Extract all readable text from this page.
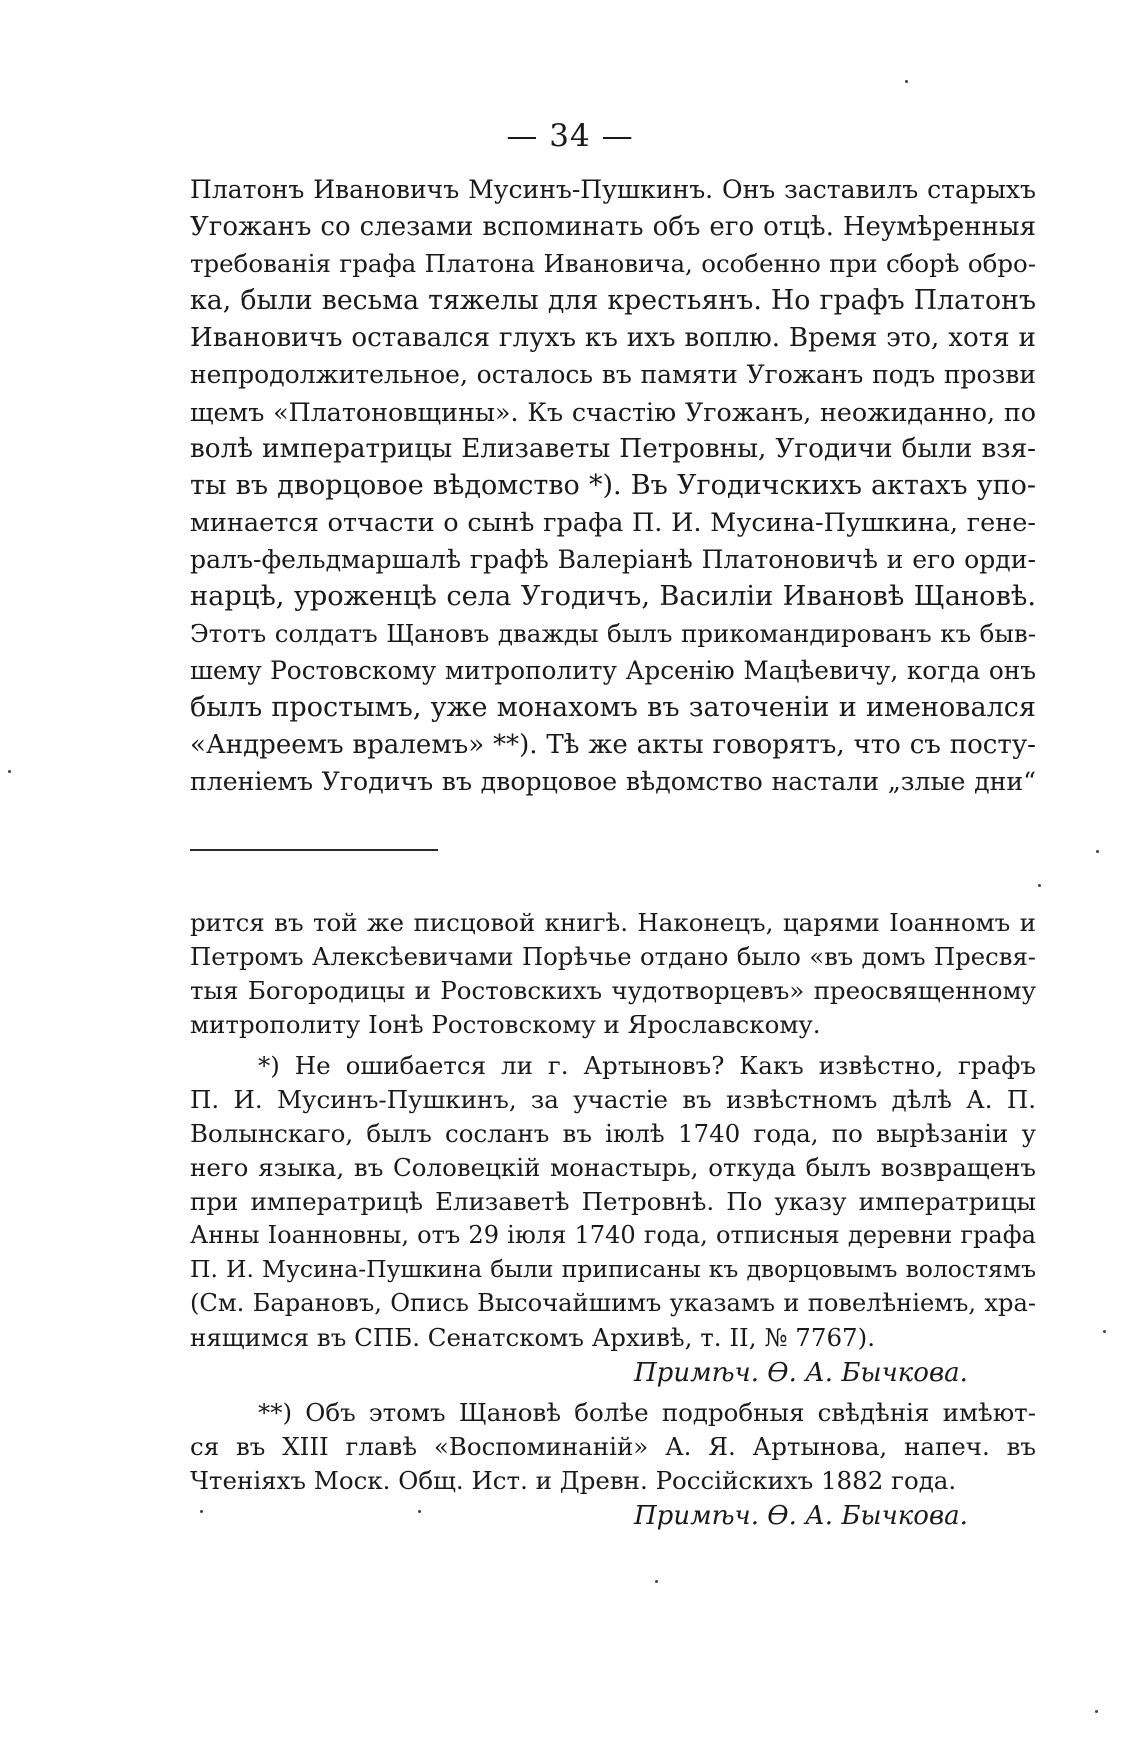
— 34 —
Платонъ Ивановичъ Мусинъ-Пушкинъ. Онъ заставилъ старыхъ
Угожанъ со слезами вспоминать объ его отцѣ. Неумѣренныя
требованія графа Платона Ивановича, особенно при сборѣ обро-
ка, были весьма тяжелы для крестьянъ. Но графъ Платонъ
Ивановичъ оставался глухъ къ ихъ воплю. Время это, хотя и
непродолжительное, осталось въ памяти Угожанъ подъ прозви
щемъ «Платоновщины». Къ счастію Угожанъ, неожиданно, по
волѣ императрицы Елизаветы Петровны, Угодичи были взя-
ты въ дворцовое вѣдомство *). Въ Угодичскихъ актахъ упо-
минается отчасти о сынѣ графа П. И. Мусина-Пушкина, гене-
ралъ-фельдмаршалѣ графѣ Валеріанѣ Платоновичѣ и его орди-
нарцѣ, уроженцѣ села Угодичъ, Василіи Ивановѣ Щановѣ.
Этотъ солдатъ Щановъ дважды былъ прикомандированъ къ быв-
шему Ростовскому митрополиту Арсенію Мацѣевичу, когда онъ
былъ простымъ, уже монахомъ въ заточеніи и именовался
«Андреемъ вралемъ» **). Тѣ же акты говорятъ, что съ посту-
пленіемъ Угодичъ въ дворцовое вѣдомство настали „злые дни“
рится въ той же писцовой книгѣ. Наконецъ, царями Іоанномъ и
Петромъ Алексѣевичами Порѣчье отдано было «въ домъ Пресвя-
тыя Богородицы и Ростовскихъ чудотворцевъ» преосвященному
митрополиту Іонѣ Ростовскому и Ярославскому.
*) Не ошибается ли г. Артыновъ? Какъ извѣстно, графъ
П. И. Мусинъ-Пушкинъ, за участіе въ извѣстномъ дѣлѣ А. П.
Волынскаго, былъ сосланъ въ іюлѣ 1740 года, по вырѣзаніи у
него языка, въ Соловецкій монастырь, откуда былъ возвращенъ
при императрицѣ Елизаветѣ Петровнѣ. По указу императрицы
Анны Іоанновны, отъ 29 іюля 1740 года, отписныя деревни графа
П. И. Мусина-Пушкина были приписаны къ дворцовымъ волостямъ
(См. Барановъ, Опись Высочайшимъ указамъ и повелѣніемъ, хра-
нящимся въ СПБ. Сенатскомъ Архивѣ, т. II, № 7767).
Примѣч. Ѳ. А. Бычкова.
**) Объ этомъ Щановѣ болѣе подробныя свѣдѣнія имѣют-
ся въ XIII главѣ «Воспоминаній» А. Я. Артынова, напеч. въ
Чтеніяхъ Моск. Общ. Ист. и Древн. Россійскихъ 1882 года.
Примѣч. Ѳ. А. Бычкова.
